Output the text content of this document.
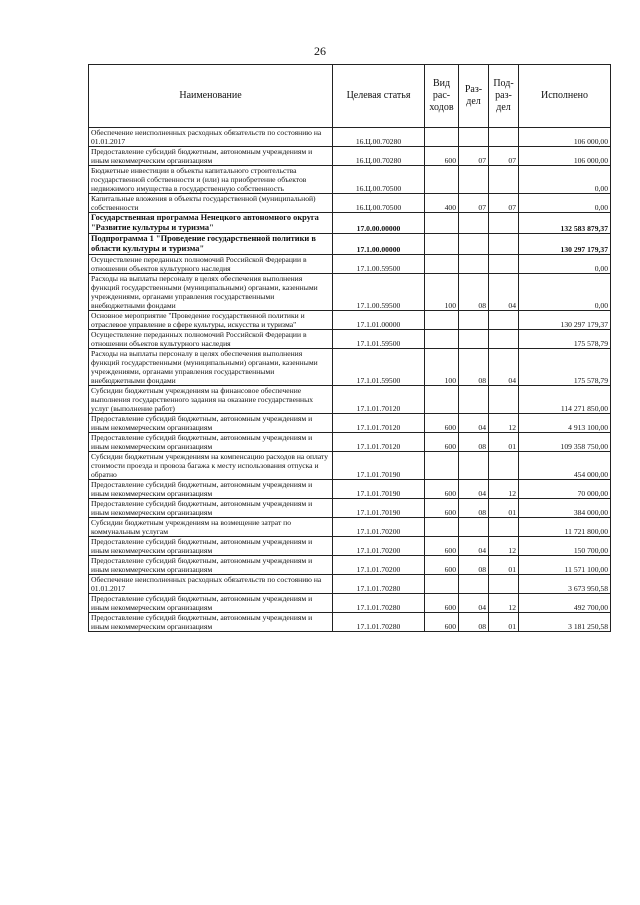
26
Наименование	Целевая статья	Вид рас-ходов	Раз-дел	Под-раз-дел	Исполнено
Обеспечение неисполненных расходных обязательств по состоянию на 01.01.2017	16.Ц.00.70280				106 000,00
Предоставление субсидий бюджетным, автономным учреждениям и иным некоммерческим организациям	16.Ц.00.70280	600	07	07	106 000,00
Бюджетные инвестиции в объекты капитального строительства государственной собственности и (или) на приобретение объектов недвижимого имущества в государственную собственность	16.Ц.00.70500				0,00
Капитальные вложения в объекты государственной (муниципальной) собственности	16.Ц.00.70500	400	07	07	0,00
Государственная программа Ненецкого автономного округа "Развитие культуры и туризма"	17.0.00.00000				132 583 879,37
Подпрограмма 1 "Проведение государственной политики в области культуры и туризма"	17.1.00.00000				130 297 179,37
Осуществление переданных полномочий Российской Федерации в отношении объектов культурного наследия	17.1.00.59500				0,00
Расходы на выплаты персоналу в целях обеспечения выполнения функций государственными (муниципальными) органами, казенными учреждениями, органами управления государственными внебюджетными фондами	17.1.00.59500	100	08	04	0,00
Основное мероприятие "Проведение государственной политики и отраслевое управление в сфере культуры, искусства и туризма"	17.1.01.00000				130 297 179,37
Осуществление переданных полномочий Российской Федерации в отношении объектов культурного наследия	17.1.01.59500				175 578,79
Расходы на выплаты персоналу в целях обеспечения выполнения функций государственными (муниципальными) органами, казенными учреждениями, органами управления государственными внебюджетными фондами	17.1.01.59500	100	08	04	175 578,79
Субсидии бюджетным учреждениям на финансовое обеспечение выполнения государственного задания на оказание государственных услуг (выполнение работ)	17.1.01.70120				114 271 850,00
Предоставление субсидий бюджетным, автономным учреждениям и иным некоммерческим организациям	17.1.01.70120	600	04	12	4 913 100,00
Предоставление субсидий бюджетным, автономным учреждениям и иным некоммерческим организациям	17.1.01.70120	600	08	01	109 358 750,00
Субсидии бюджетным учреждениям на компенсацию расходов на оплату стоимости проезда и провоза багажа к месту использования отпуска и обратно	17.1.01.70190				454 000,00
Предоставление субсидий бюджетным, автономным учреждениям и иным некоммерческим организациям	17.1.01.70190	600	04	12	70 000,00
Предоставление субсидий бюджетным, автономным учреждениям и иным некоммерческим организациям	17.1.01.70190	600	08	01	384 000,00
Субсидии бюджетным учреждениям на возмещение затрат по коммунальным услугам	17.1.01.70200				11 721 800,00
Предоставление субсидий бюджетным, автономным учреждениям и иным некоммерческим организациям	17.1.01.70200	600	04	12	150 700,00
Предоставление субсидий бюджетным, автономным учреждениям и иным некоммерческим организациям	17.1.01.70200	600	08	01	11 571 100,00
Обеспечение неисполненных расходных обязательств по состоянию на 01.01.2017	17.1.01.70280				3 673 950,58
Предоставление субсидий бюджетным, автономным учреждениям и иным некоммерческим организациям	17.1.01.70280	600	04	12	492 700,00
Предоставление субсидий бюджетным, автономным учреждениям и иным некоммерческим организациям	17.1.01.70280	600	08	01	3 181 250,58
